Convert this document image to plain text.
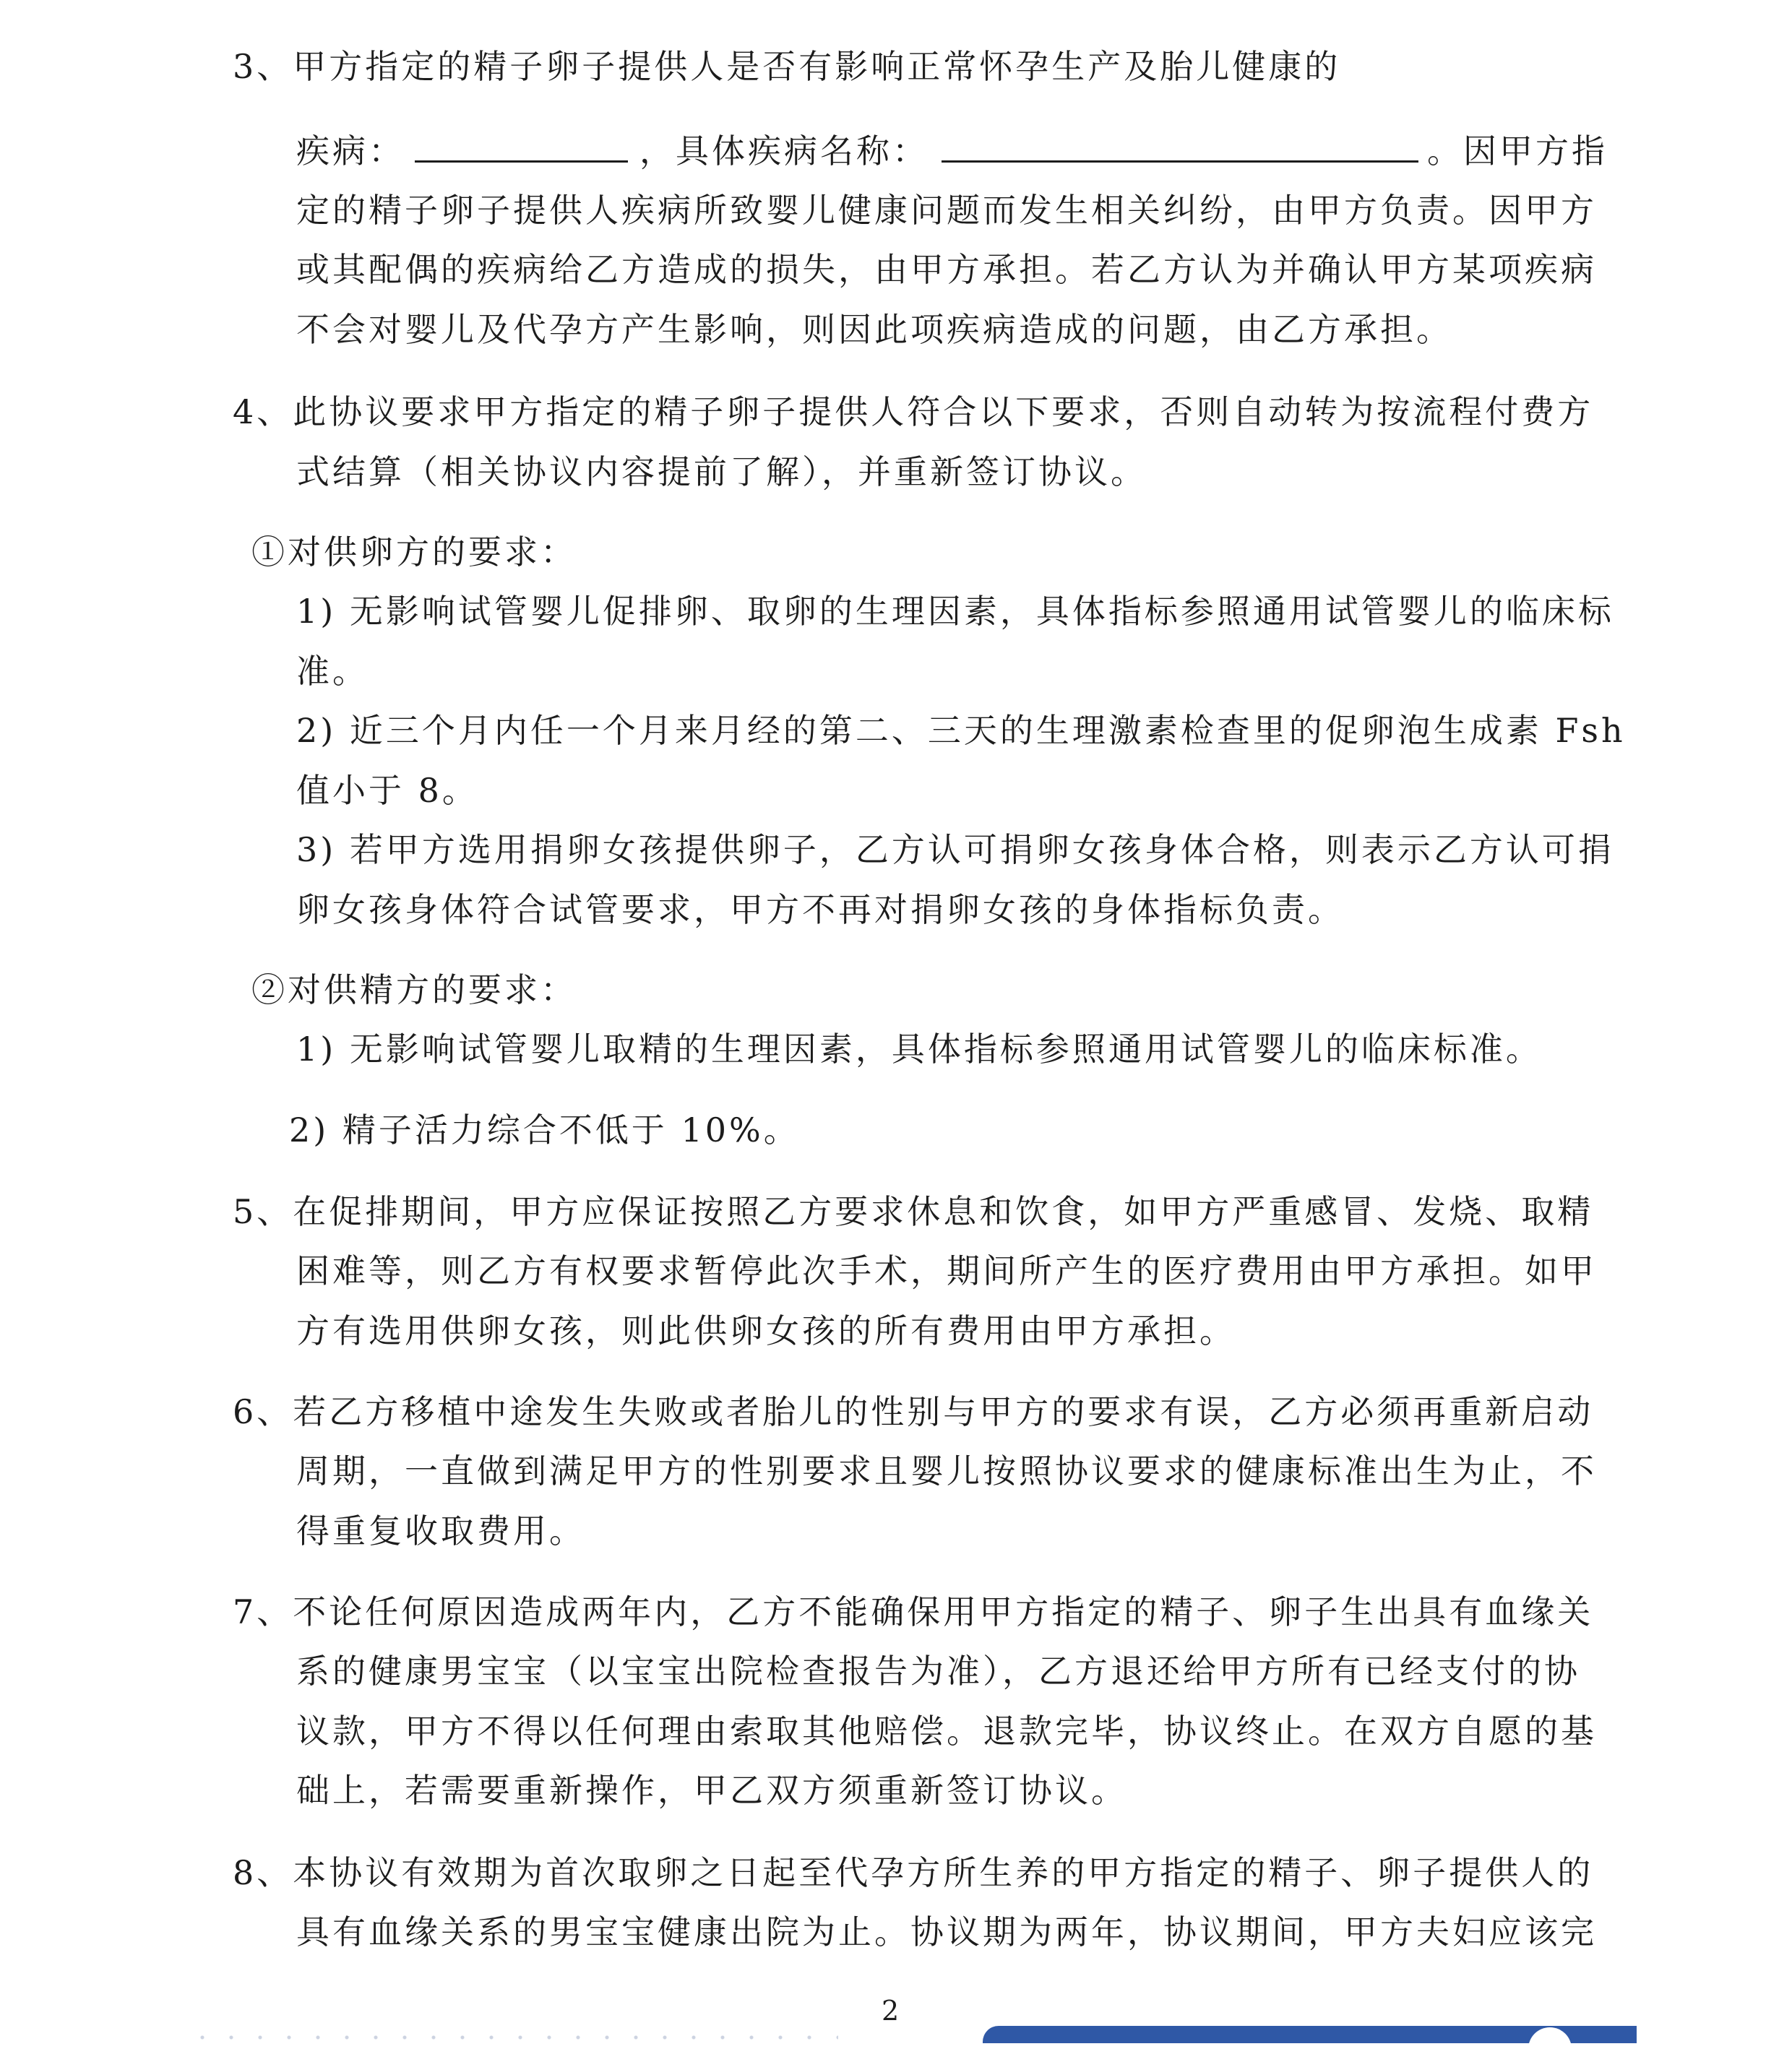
3、甲方指定的精子卵子提供人是否有影响正常怀孕生产及胎儿健康的
疾病：	，具体疾病名称：	。因甲方指
定的精子卵子提供人疾病所致婴儿健康问题而发生相关纠纷，由甲方负责。因甲方
或其配偶的疾病给乙方造成的损失，由甲方承担。若乙方认为并确认甲方某项疾病
不会对婴儿及代孕方产生影响，则因此项疾病造成的问题，由乙方承担。
4、此协议要求甲方指定的精子卵子提供人符合以下要求，否则自动转为按流程付费方
式结算（相关协议内容提前了解），并重新签订协议。
①对供卵方的要求：
1) 无影响试管婴儿促排卵、取卵的生理因素，具体指标参照通用试管婴儿的临床标
准。
2) 近三个月内任一个月来月经的第二、三天的生理激素检查里的促卵泡生成素 Fsh
值小于 8。
3) 若甲方选用捐卵女孩提供卵子，乙方认可捐卵女孩身体合格，则表示乙方认可捐
卵女孩身体符合试管要求，甲方不再对捐卵女孩的身体指标负责。
②对供精方的要求：
1) 无影响试管婴儿取精的生理因素，具体指标参照通用试管婴儿的临床标准。
2) 精子活力综合不低于 10%。
5、在促排期间，甲方应保证按照乙方要求休息和饮食，如甲方严重感冒、发烧、取精
困难等，则乙方有权要求暂停此次手术，期间所产生的医疗费用由甲方承担。如甲
方有选用供卵女孩，则此供卵女孩的所有费用由甲方承担。
6、若乙方移植中途发生失败或者胎儿的性别与甲方的要求有误，乙方必须再重新启动
周期，一直做到满足甲方的性别要求且婴儿按照协议要求的健康标准出生为止，不
得重复收取费用。
7、不论任何原因造成两年内，乙方不能确保用甲方指定的精子、卵子生出具有血缘关
系的健康男宝宝（以宝宝出院检查报告为准），乙方退还给甲方所有已经支付的协
议款，甲方不得以任何理由索取其他赔偿。退款完毕，协议终止。在双方自愿的基
础上，若需要重新操作，甲乙双方须重新签订协议。
8、本协议有效期为首次取卵之日起至代孕方所生养的甲方指定的精子、卵子提供人的
具有血缘关系的男宝宝健康出院为止。协议期为两年，协议期间，甲方夫妇应该完
2
